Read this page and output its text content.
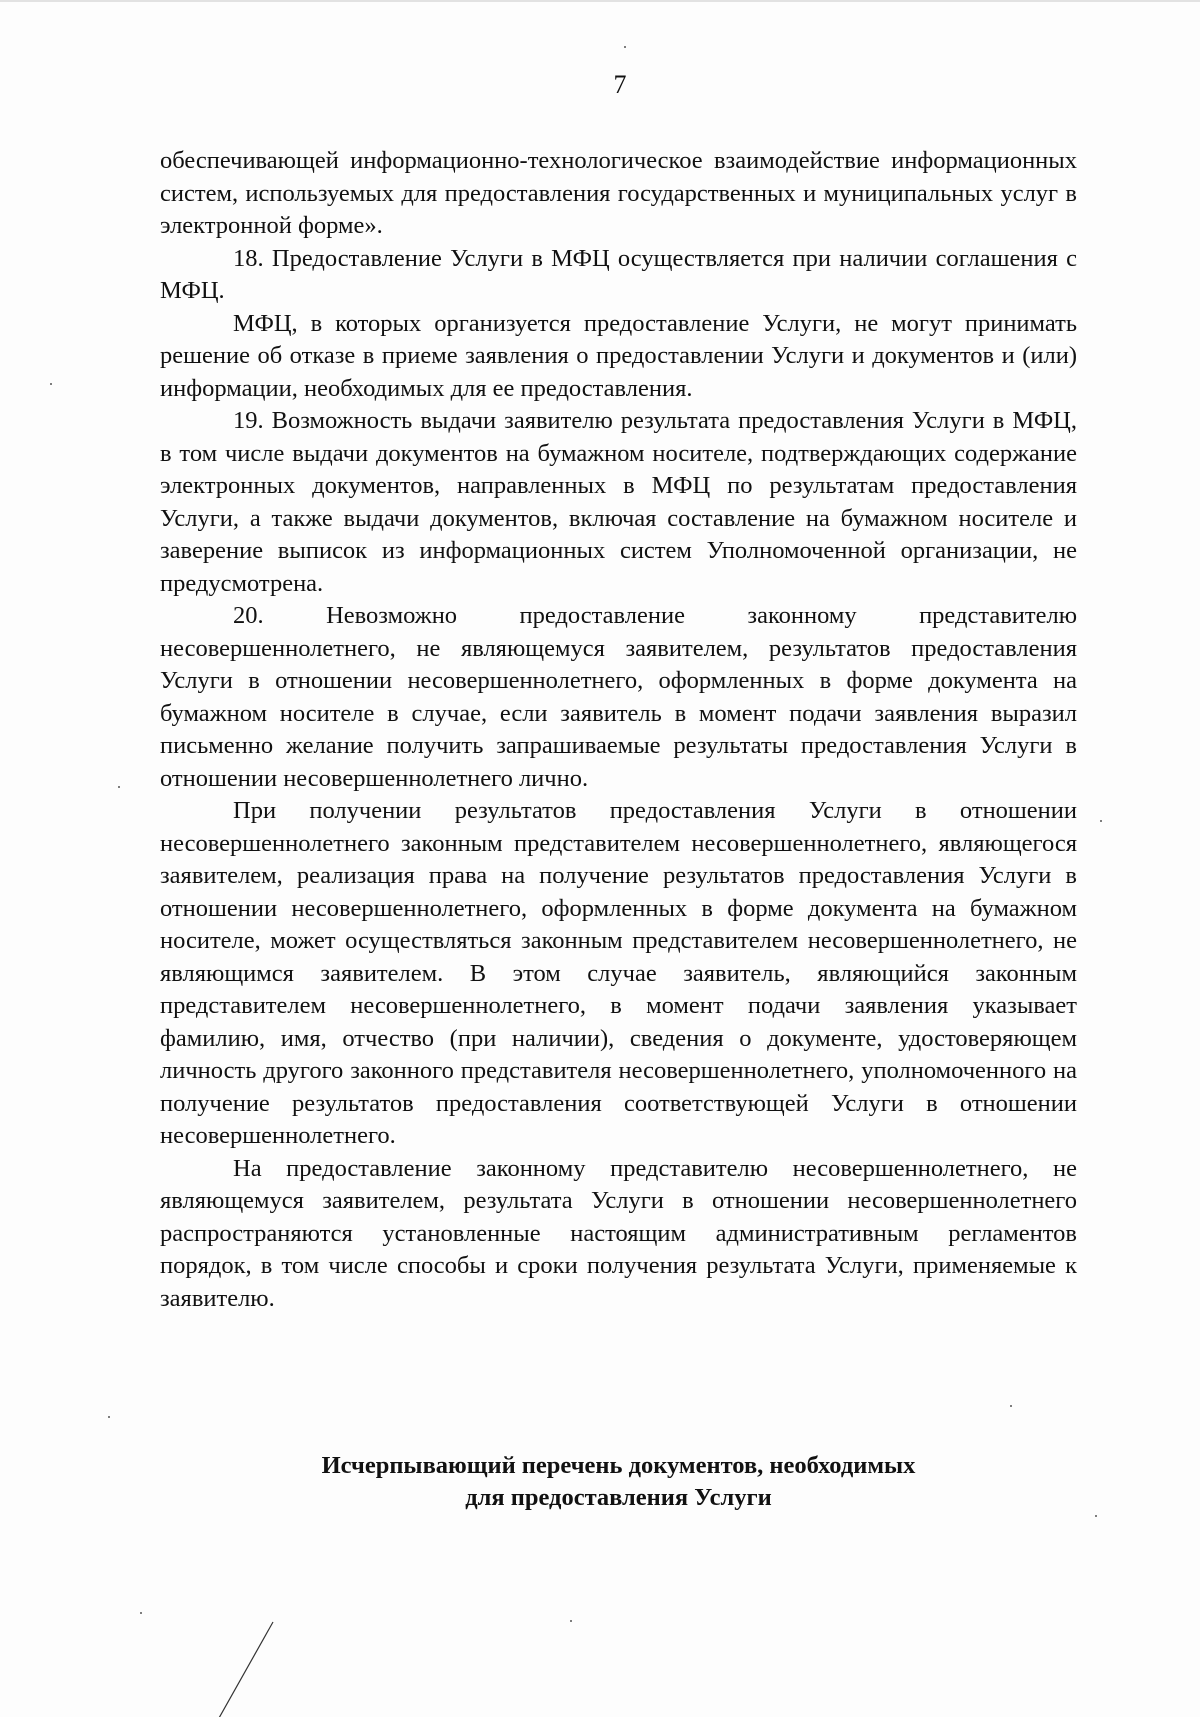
7

обеспечивающей информационно-технологическое взаимодействие информационных систем, используемых для предоставления государственных и муниципальных услуг в электронной форме».

18. Предоставление Услуги в МФЦ осуществляется при наличии соглашения с МФЦ.

МФЦ, в которых организуется предоставление Услуги, не могут принимать решение об отказе в приеме заявления о предоставлении Услуги и документов и (или) информации, необходимых для ее предоставления.

19. Возможность выдачи заявителю результата предоставления Услуги в МФЦ, в том числе выдачи документов на бумажном носителе, подтверждающих содержание электронных документов, направленных в МФЦ по результатам предоставления Услуги, а также выдачи документов, включая составление на бумажном носителе и заверение выписок из информационных систем Уполномоченной организации, не предусмотрена.

20. Невозможно предоставление законному представителю несовершеннолетнего, не являющемуся заявителем, результатов предоставления Услуги в отношении несовершеннолетнего, оформленных в форме документа на бумажном носителе в случае, если заявитель в момент подачи заявления выразил письменно желание получить запрашиваемые результаты предоставления Услуги в отношении несовершеннолетнего лично.

При получении результатов предоставления Услуги в отношении несовершеннолетнего законным представителем несовершеннолетнего, являющегося заявителем, реализация права на получение результатов предоставления Услуги в отношении несовершеннолетнего, оформленных в форме документа на бумажном носителе, может осуществляться законным представителем несовершеннолетнего, не являющимся заявителем. В этом случае заявитель, являющийся законным представителем несовершеннолетнего, в момент подачи заявления указывает фамилию, имя, отчество (при наличии), сведения о документе, удостоверяющем личность другого законного представителя несовершеннолетнего, уполномоченного на получение результатов предоставления соответствующей Услуги в отношении несовершеннолетнего.

На предоставление законному представителю несовершеннолетнего, не являющемуся заявителем, результата Услуги в отношении несовершеннолетнего распространяются установленные настоящим административным регламентов порядок, в том числе способы и сроки получения результата Услуги, применяемые к заявителю.

Исчерпывающий перечень документов, необходимых
для предоставления Услуги
